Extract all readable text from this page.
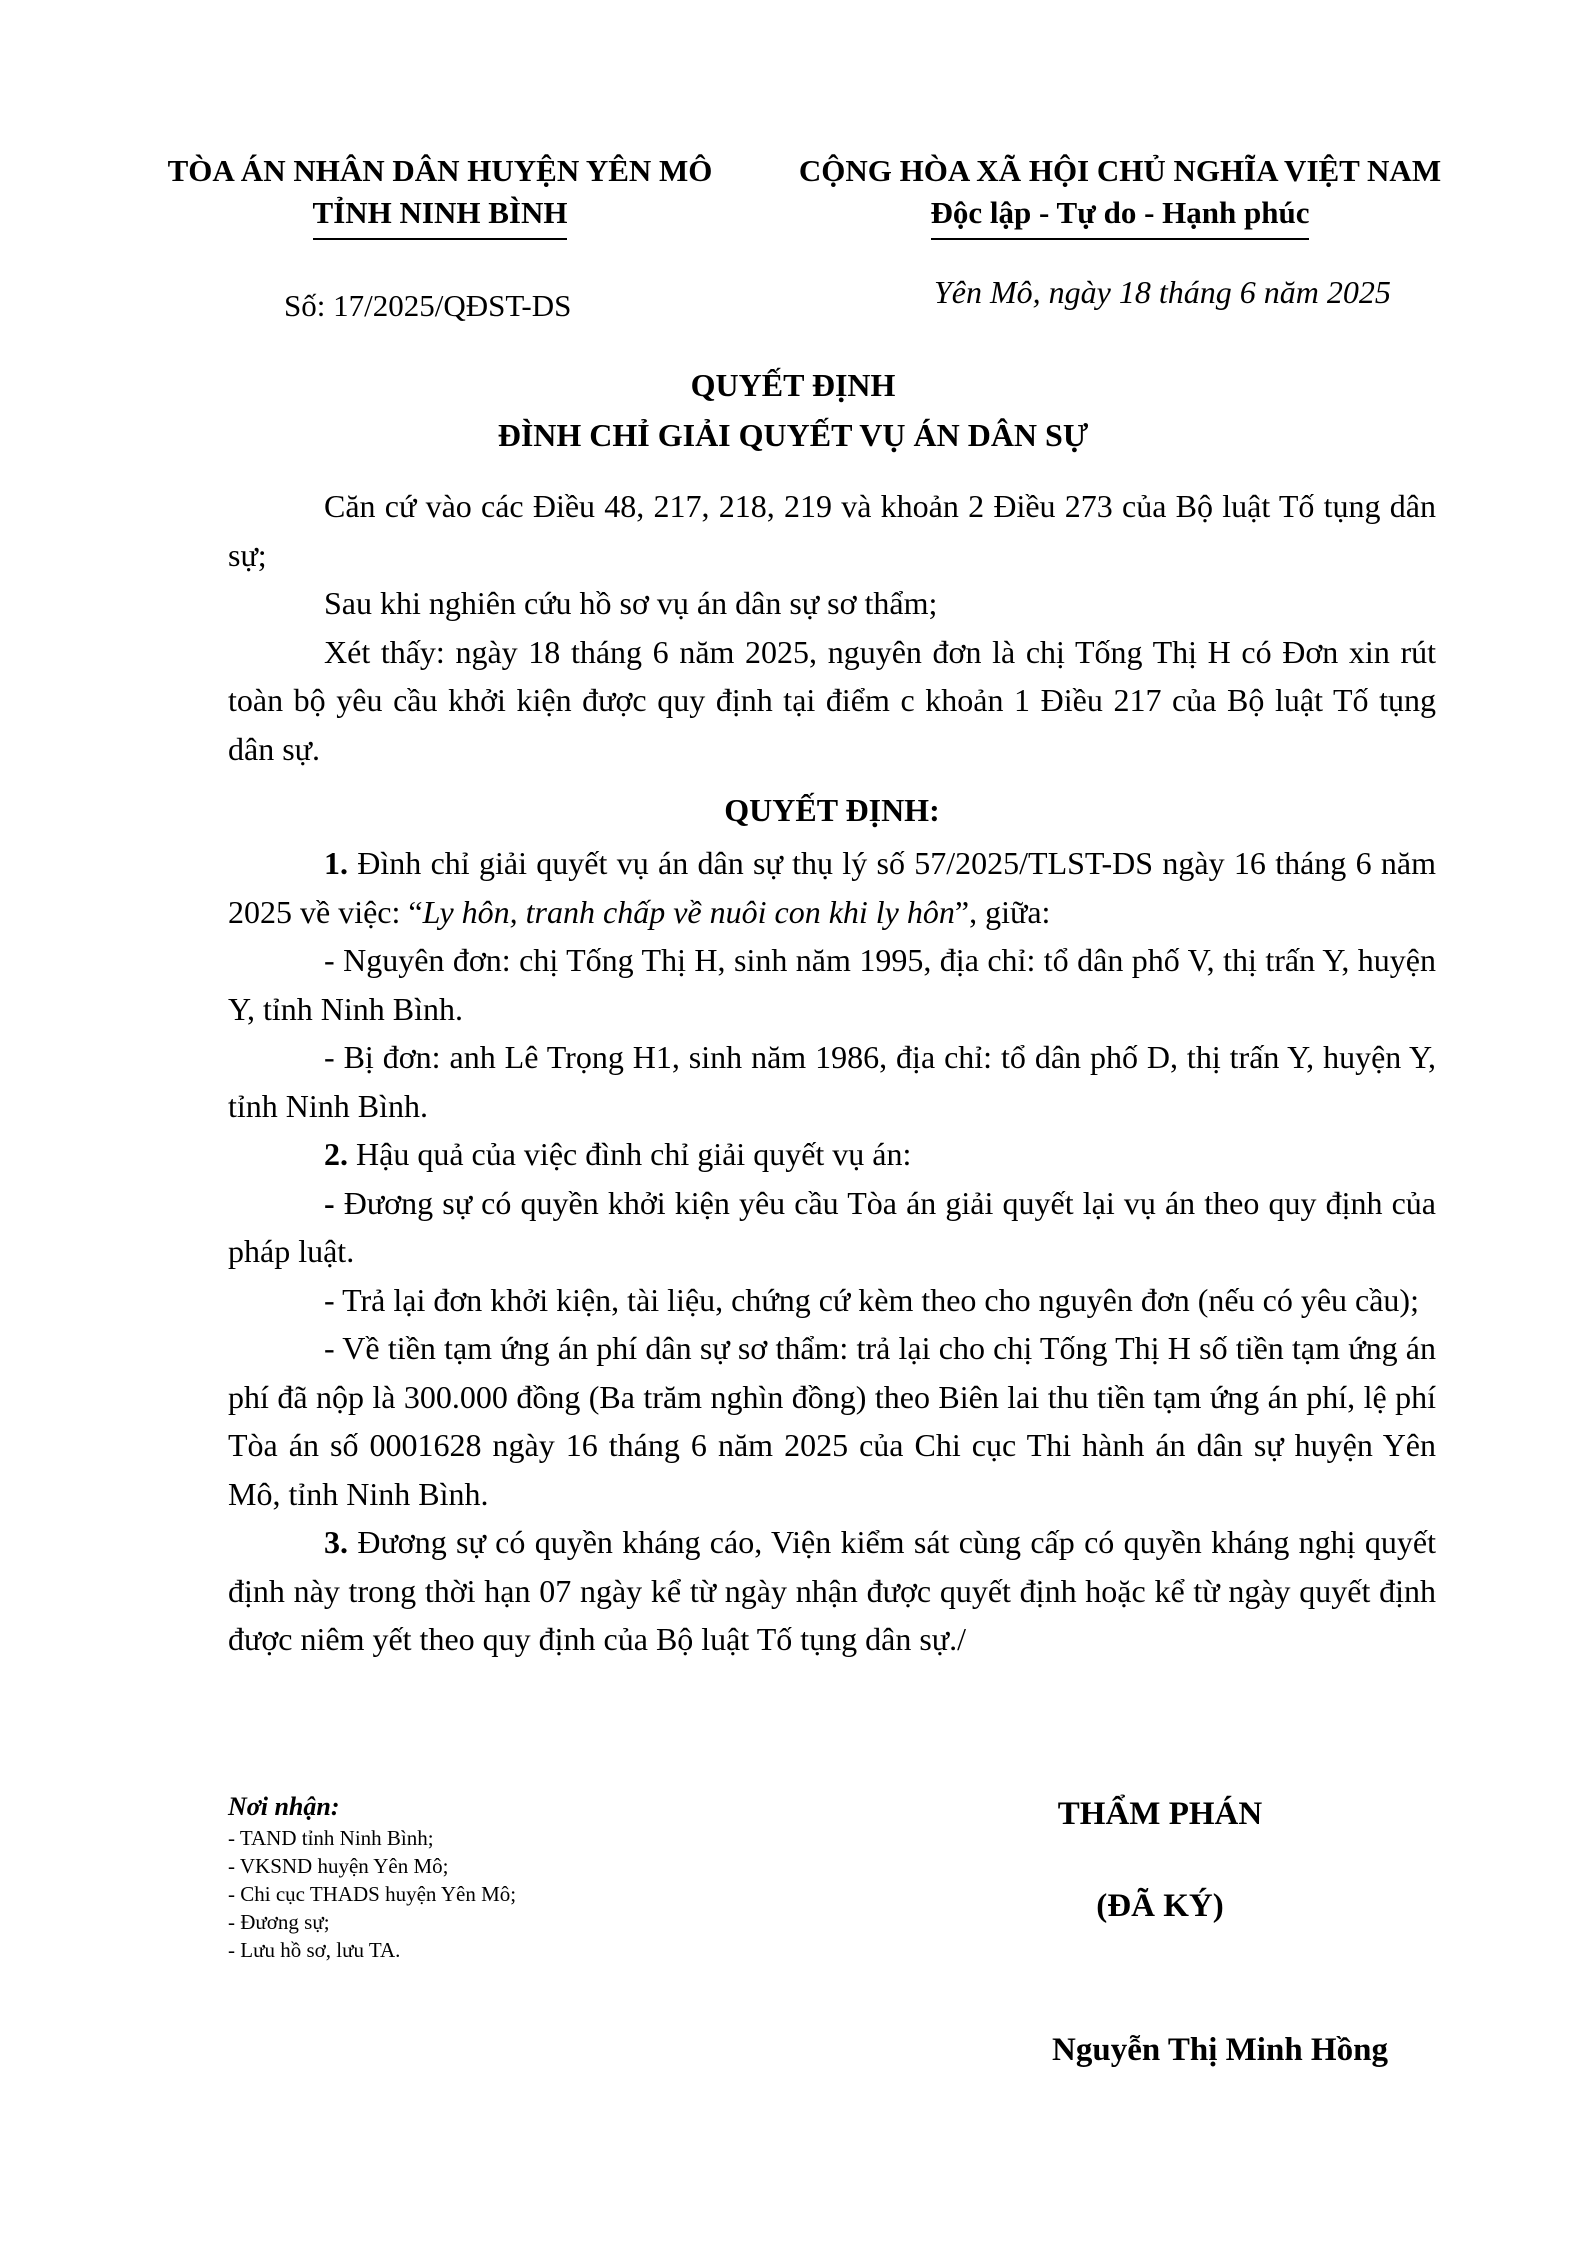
TÒA ÁN NHÂN DÂN HUYỆN YÊN MÔ
TỈNH NINH BÌNH
CỘNG HÒA XÃ HỘI CHỦ NGHĨA VIỆT NAM
Độc lập - Tự do - Hạnh phúc
Số: 17/2025/QĐST-DS	Yên Mô, ngày 18 tháng 6 năm 2025
QUYẾT ĐỊNH
ĐÌNH CHỈ GIẢI QUYẾT VỤ ÁN DÂN SỰ

Căn cứ vào các Điều 48, 217, 218, 219 và khoản 2 Điều 273 của Bộ luật Tố tụng dân sự;

Sau khi nghiên cứu hồ sơ vụ án dân sự sơ thẩm;

Xét thấy: ngày 18 tháng 6 năm 2025, nguyên đơn là chị Tống Thị H có Đơn xin rút toàn bộ yêu cầu khởi kiện được quy định tại điểm c khoản 1 Điều 217 của Bộ luật Tố tụng dân sự.

QUYẾT ĐỊNH:

1. Đình chỉ giải quyết vụ án dân sự thụ lý số 57/2025/TLST-DS ngày 16 tháng 6 năm 2025 về việc: “Ly hôn, tranh chấp về nuôi con khi ly hôn”, giữa:

- Nguyên đơn: chị Tống Thị H, sinh năm 1995, địa chỉ: tổ dân phố V, thị trấn Y, huyện Y, tỉnh Ninh Bình.

- Bị đơn: anh Lê Trọng H1, sinh năm 1986, địa chỉ: tổ dân phố D, thị trấn Y, huyện Y, tỉnh Ninh Bình.

2. Hậu quả của việc đình chỉ giải quyết vụ án:

- Đương sự có quyền khởi kiện yêu cầu Tòa án giải quyết lại vụ án theo quy định của pháp luật.

- Trả lại đơn khởi kiện, tài liệu, chứng cứ kèm theo cho nguyên đơn (nếu có yêu cầu);

- Về tiền tạm ứng án phí dân sự sơ thẩm: trả lại cho chị Tống Thị H số tiền tạm ứng án phí đã nộp là 300.000 đồng (Ba trăm nghìn đồng) theo Biên lai thu tiền tạm ứng án phí, lệ phí Tòa án số 0001628 ngày 16 tháng 6 năm 2025 của Chi cục Thi hành án dân sự huyện Yên Mô, tỉnh Ninh Bình.

3. Đương sự có quyền kháng cáo, Viện kiểm sát cùng cấp có quyền kháng nghị quyết định này trong thời hạn 07 ngày kể từ ngày nhận được quyết định hoặc kể từ ngày quyết định được niêm yết theo quy định của Bộ luật Tố tụng dân sự./

Nơi nhận:
- TAND tỉnh Ninh Bình;
- VKSND huyện Yên Mô;
- Chi cục THADS huyện Yên Mô;
- Đương sự;
- Lưu hồ sơ, lưu TA.
THẨM PHÁN
(ĐÃ KÝ)
Nguyễn Thị Minh Hồng
